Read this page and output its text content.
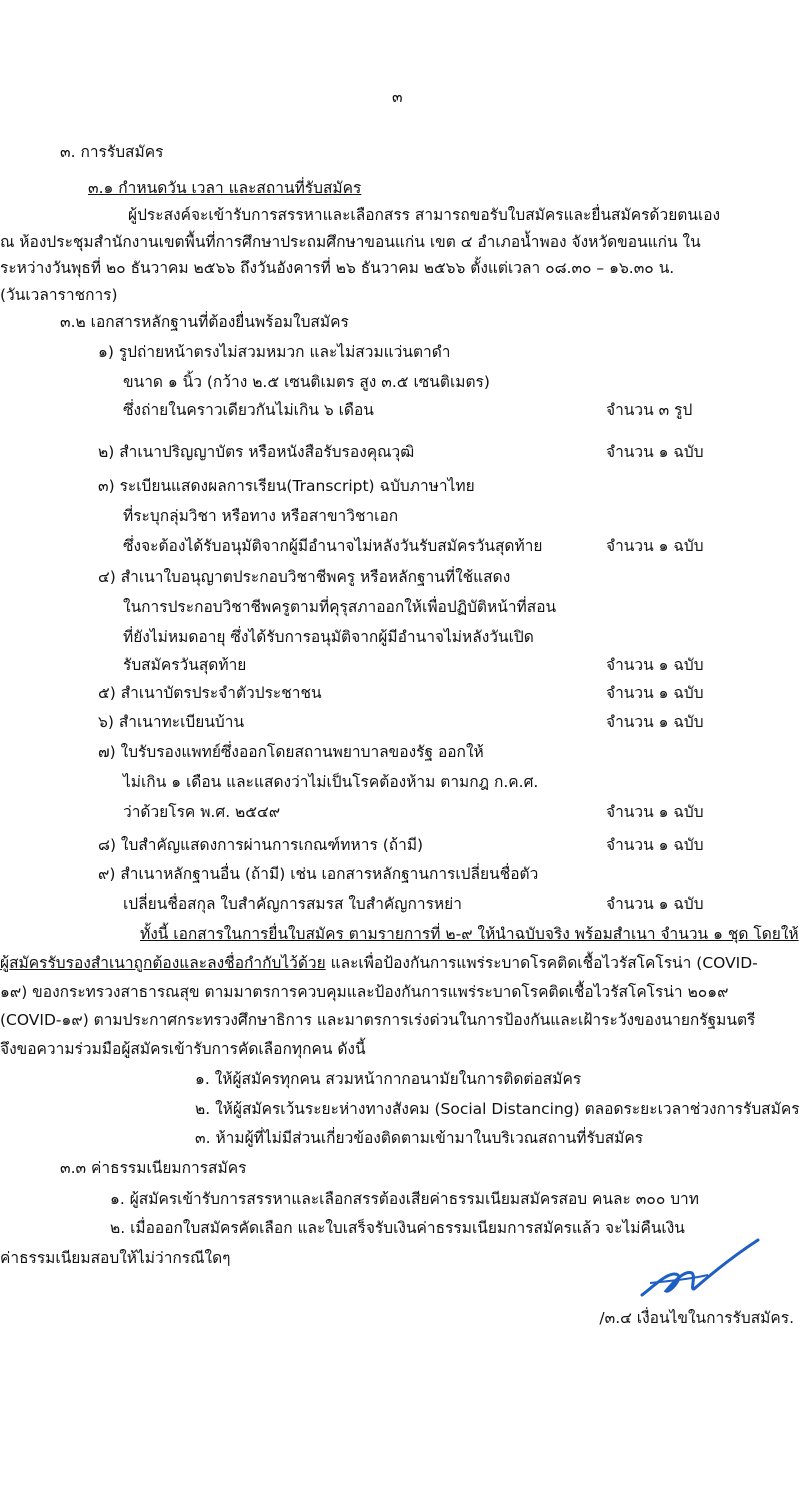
๓
๓. การรับสมัคร
๓.๑ กำหนดวัน เวลา และสถานที่รับสมัคร
ผู้ประสงค์จะเข้ารับการสรรหาและเลือกสรร สามารถขอรับใบสมัครและยื่นสมัครด้วยตนเอง
ณ ห้องประชุมสำนักงานเขตพื้นที่การศึกษาประถมศึกษาขอนแก่น เขต ๔ อำเภอน้ำพอง จังหวัดขอนแก่น ใน
ระหว่างวันพุธที่ ๒๐ ธันวาคม ๒๕๖๖ ถึงวันอังคารที่ ๒๖ ธันวาคม ๒๕๖๖ ตั้งแต่เวลา ๐๘.๓๐ – ๑๖.๓๐ น.
(วันเวลาราชการ)
๓.๒ เอกสารหลักฐานที่ต้องยื่นพร้อมใบสมัคร
๑) รูปถ่ายหน้าตรงไม่สวมหมวก และไม่สวมแว่นตาดำ
ขนาด ๑ นิ้ว (กว้าง ๒.๕ เซนติเมตร สูง ๓.๕ เซนติเมตร)
ซึ่งถ่ายในคราวเดียวกันไม่เกิน ๖ เดือน	จำนวน ๓ รูป
๒) สำเนาปริญญาบัตร หรือหนังสือรับรองคุณวุฒิ	จำนวน ๑ ฉบับ
๓) ระเบียนแสดงผลการเรียน(Transcript) ฉบับภาษาไทย
ที่ระบุกลุ่มวิชา หรือทาง หรือสาขาวิชาเอก
ซึ่งจะต้องได้รับอนุมัติจากผู้มีอำนาจไม่หลังวันรับสมัครวันสุดท้าย	จำนวน ๑ ฉบับ
๔) สำเนาใบอนุญาตประกอบวิชาชีพครู หรือหลักฐานที่ใช้แสดง
ในการประกอบวิชาชีพครูตามที่คุรุสภาออกให้เพื่อปฏิบัติหน้าที่สอน
ที่ยังไม่หมดอายุ ซึ่งได้รับการอนุมัติจากผู้มีอำนาจไม่หลังวันเปิด
รับสมัครวันสุดท้าย	จำนวน ๑ ฉบับ
๕) สำเนาบัตรประจำตัวประชาชน	จำนวน ๑ ฉบับ
๖) สำเนาทะเบียนบ้าน	จำนวน ๑ ฉบับ
๗) ใบรับรองแพทย์ซึ่งออกโดยสถานพยาบาลของรัฐ ออกให้
ไม่เกิน ๑ เดือน และแสดงว่าไม่เป็นโรคต้องห้าม ตามกฎ ก.ค.ศ.
ว่าด้วยโรค พ.ศ. ๒๕๔๙	จำนวน ๑ ฉบับ
๘) ใบสำคัญแสดงการผ่านการเกณฑ์ทหาร (ถ้ามี)	จำนวน ๑ ฉบับ
๙) สำเนาหลักฐานอื่น (ถ้ามี) เช่น เอกสารหลักฐานการเปลี่ยนชื่อตัว
เปลี่ยนชื่อสกุล ใบสำคัญการสมรส ใบสำคัญการหย่า	จำนวน ๑ ฉบับ
ทั้งนี้ เอกสารในการยื่นใบสมัคร ตามรายการที่ ๒-๙ ให้นำฉบับจริง พร้อมสำเนา จำนวน ๑ ชุด โดยให้
ผู้สมัครรับรองสำเนาถูกต้องและลงชื่อกำกับไว้ด้วย และเพื่อป้องกันการแพร่ระบาดโรคติดเชื้อไวรัสโคโรน่า (COVID-
๑๙) ของกระทรวงสาธารณสุข ตามมาตรการควบคุมและป้องกันการแพร่ระบาดโรคติดเชื้อไวรัสโคโรน่า ๒๐๑๙
(COVID-๑๙) ตามประกาศกระทรวงศึกษาธิการ และมาตรการเร่งด่วนในการป้องกันและเฝ้าระวังของนายกรัฐมนตรี
จึงขอความร่วมมือผู้สมัครเข้ารับการคัดเลือกทุกคน ดังนี้
๑. ให้ผู้สมัครทุกคน สวมหน้ากากอนามัยในการติดต่อสมัคร
๒. ให้ผู้สมัครเว้นระยะห่างทางสังคม (Social Distancing) ตลอดระยะเวลาช่วงการรับสมัคร
๓. ห้ามผู้ที่ไม่มีส่วนเกี่ยวข้องติดตามเข้ามาในบริเวณสถานที่รับสมัคร
๓.๓ ค่าธรรมเนียมการสมัคร
๑. ผู้สมัครเข้ารับการสรรหาและเลือกสรรต้องเสียค่าธรรมเนียมสมัครสอบ คนละ ๓๐๐ บาท
๒. เมื่อออกใบสมัครคัดเลือก และใบเสร็จรับเงินค่าธรรมเนียมการสมัครแล้ว จะไม่คืนเงิน
ค่าธรรมเนียมสอบให้ไม่ว่ากรณีใดๆ
/๓.๔ เงื่อนไขในการรับสมัคร.
